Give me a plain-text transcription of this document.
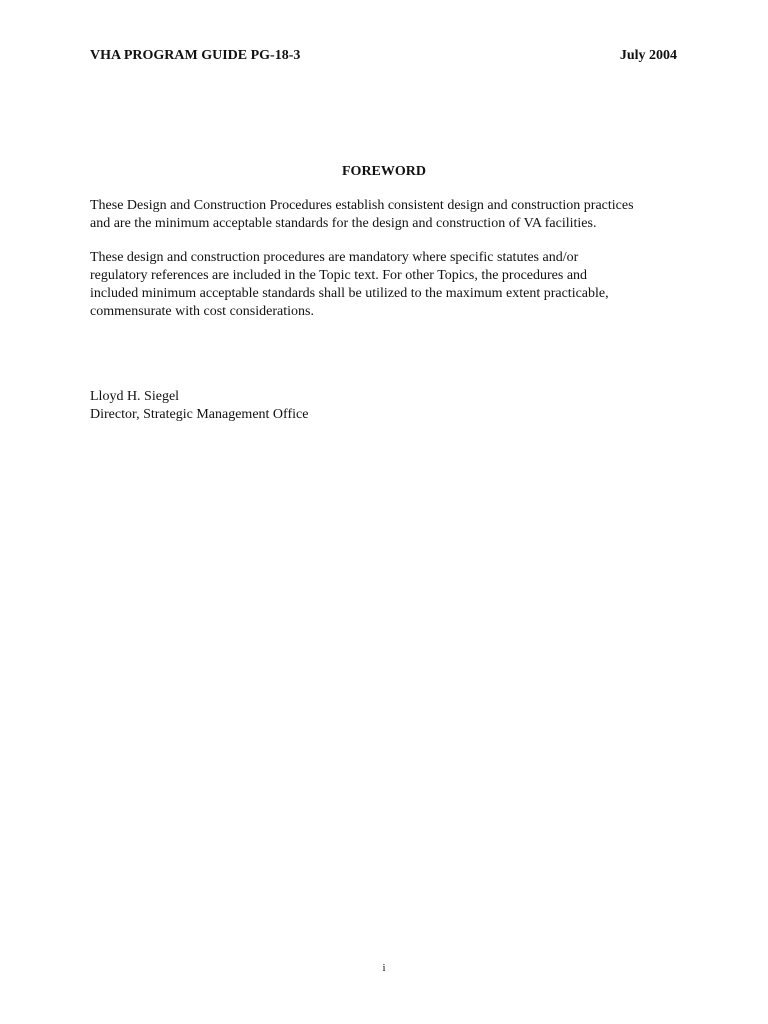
VHA PROGRAM GUIDE PG-18-3	July 2004
FOREWORD
These Design and Construction Procedures establish consistent design and construction practices
and are the minimum acceptable standards for the design and construction of VA facilities.
These design and construction procedures are mandatory where specific statutes and/or
regulatory references are included in the Topic text. For other Topics, the procedures and
included minimum acceptable standards shall be utilized to the maximum extent practicable,
commensurate with cost considerations.
Lloyd H. Siegel
Director, Strategic Management Office
i
